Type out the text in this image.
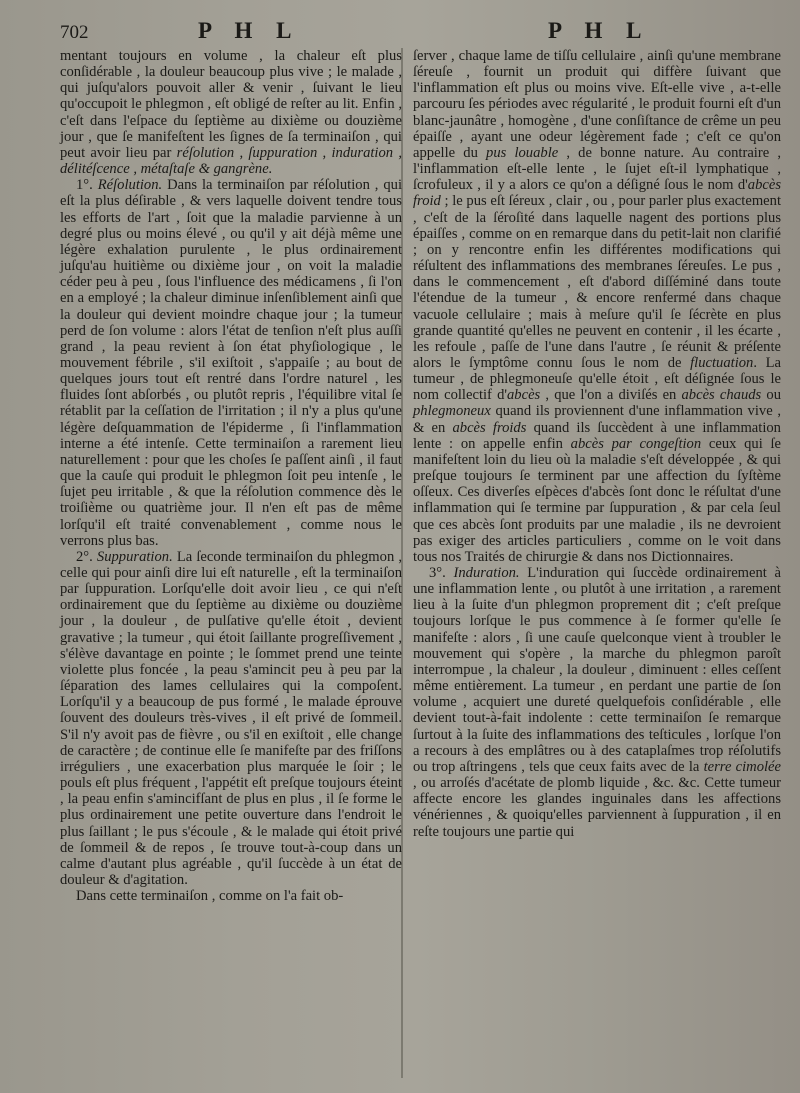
702	P H L	P H L

mentant toujours en volume , la chaleur eſt plus conſidérable , la douleur beaucoup plus vive ; le malade , qui juſqu'alors pouvoit aller & venir , ſuivant le lieu qu'occupoit le phlegmon , eſt obligé de reſter au lit. Enfin , c'eſt dans l'eſpace du ſeptième au dixième ou douzième jour , que ſe manifeſtent les ſignes de ſa terminaiſon , qui peut avoir lieu par réſolution , ſuppuration , induration , délitéſcence , métaſtaſe & gangrène.

1°. Réſolution. Dans la terminaiſon par réſolution , qui eſt la plus déſirable , & vers laquelle doivent tendre tous les efforts de l'art , ſoit que la maladie parvienne à un degré plus ou moins élevé , ou qu'il y ait déjà même une légère exhalation purulente , le plus ordinairement juſqu'au huitième ou dixième jour , on voit la maladie céder peu à peu , ſous l'influence des médicamens , ſi l'on en a employé ; la chaleur diminue inſenſiblement ainſi que la douleur qui devient moindre chaque jour ; la tumeur perd de ſon volume : alors l'état de tenſion n'eſt plus auſſi grand , la peau revient à ſon état phyſiologique , le mouvement fébrile , s'il exiſtoit , s'appaiſe ; au bout de quelques jours tout eſt rentré dans l'ordre naturel , les fluides ſont abſorbés , ou plutôt repris , l'équilibre vital ſe rétablit par la ceſſation de l'irritation ; il n'y a plus qu'une légère deſquammation de l'épiderme , ſi l'inflammation interne a été intenſe. Cette terminaiſon a rarement lieu naturellement : pour que les choſes ſe paſſent ainſi , il faut que la cauſe qui produit le phlegmon ſoit peu intenſe , le ſujet peu irritable , & que la réſolution commence dès le troiſième ou quatrième jour. Il n'en eſt pas de même lorſqu'il eſt traité convenablement , comme nous le verrons plus bas.

2°. Suppuration. La ſeconde terminaiſon du phlegmon , celle qui pour ainſi dire lui eſt naturelle , eſt la terminaiſon par ſuppuration. Lorſqu'elle doit avoir lieu , ce qui n'eſt ordinairement que du ſeptième au dixième ou douzième jour , la douleur , de pulſative qu'elle étoit , devient gravative ; la tumeur , qui étoit ſaillante progreſſivement , s'élève davantage en pointe ; le ſommet prend une teinte violette plus foncée , la peau s'amincit peu à peu par la ſéparation des lames cellulaires qui la compoſent. Lorſqu'il y a beaucoup de pus formé , le malade éprouve ſouvent des douleurs très-vives , il eſt privé de ſommeil. S'il n'y avoit pas de fièvre , ou s'il en exiſtoit , elle change de caractère ; de continue elle ſe manifeſte par des friſſons irréguliers , une exacerbation plus marquée le ſoir ; le pouls eſt plus fréquent , l'appétit eſt preſque toujours éteint , la peau enfin s'amincifſant de plus en plus , il ſe forme le plus ordinairement une petite ouverture dans l'endroit le plus ſaillant ; le pus s'écoule , & le malade qui étoit privé de ſommeil & de repos , ſe trouve tout-à-coup dans un calme d'autant plus agréable , qu'il ſuccède à un état de douleur & d'agitation.

Dans cette terminaiſon , comme on l'a fait ob-

ſerver , chaque lame de tiſſu cellulaire , ainſi qu'une membrane ſéreuſe , fournit un produit qui diffère ſuivant que l'inflammation eſt plus ou moins vive. Eſt-elle vive , a-t-elle parcouru ſes périodes avec régularité , le produit fourni eſt d'un blanc-jaunâtre , homogène , d'une conſiſtance de crême un peu épaiſſe , ayant une odeur légèrement fade ; c'eſt ce qu'on appelle du pus louable , de bonne nature. Au contraire , l'inflammation eſt-elle lente , le ſujet eſt-il lymphatique , ſcrofuleux , il y a alors ce qu'on a déſigné ſous le nom d'abcès froid ; le pus eſt ſéreux , clair , ou , pour parler plus exactement , c'eſt de la ſéroſité dans laquelle nagent des portions plus épaiſſes , comme on en remarque dans du petit-lait non clarifié ; on y rencontre enfin les différentes modifications qui réſultent des inflammations des membranes ſéreuſes. Le pus , dans le commencement , eſt d'abord diſſéminé dans toute l'étendue de la tumeur , & encore renfermé dans chaque vacuole cellulaire ; mais à meſure qu'il ſe ſécrète en plus grande quantité qu'elles ne peuvent en contenir , il les écarte , les refoule , paſſe de l'une dans l'autre , ſe réunit & préſente alors le ſymptôme connu ſous le nom de fluctuation. La tumeur , de phlegmoneuſe qu'elle étoit , eſt déſignée ſous le nom collectif d'abcès , que l'on a diviſés en abcès chauds ou phlegmoneux quand ils proviennent d'une inflammation vive , & en abcès froids quand ils ſuccèdent à une inflammation lente : on appelle enfin abcès par congeſtion ceux qui ſe manifeſtent loin du lieu où la maladie s'eſt développée , & qui preſque toujours ſe terminent par une affection du ſyſtème oſſeux. Ces diverſes eſpèces d'abcès ſont donc le réſultat d'une inflammation qui ſe termine par ſuppuration , & par cela ſeul que ces abcès ſont produits par une maladie , ils ne devroient pas exiger des articles particuliers , comme on le voit dans tous nos Traités de chirurgie & dans nos Dictionnaires.

3°. Induration. L'induration qui ſuccède ordinairement à une inflammation lente , ou plutôt à une irritation , a rarement lieu à la ſuite d'un phlegmon proprement dit ; c'eſt preſque toujours lorſque le pus commence à ſe former qu'elle ſe manifeſte : alors , ſi une cauſe quelconque vient à troubler le mouvement qui s'opère , la marche du phlegmon paroît interrompue , la chaleur , la douleur , diminuent : elles ceſſent même entièrement. La tumeur , en perdant une partie de ſon volume , acquiert une dureté quelquefois conſidérable , elle devient tout-à-fait indolente : cette terminaiſon ſe remarque ſurtout à la ſuite des inflammations des teſticules , lorſque l'on a recours à des emplâtres ou à des cataplaſmes trop réſolutifs ou trop aſtringens , tels que ceux faits avec de la terre cimolée , ou arroſés d'acétate de plomb liquide , &c. &c. Cette tumeur affecte encore les glandes inguinales dans les affections vénériennes , & quoiqu'elles parviennent à ſuppuration , il en reſte toujours une partie qui
